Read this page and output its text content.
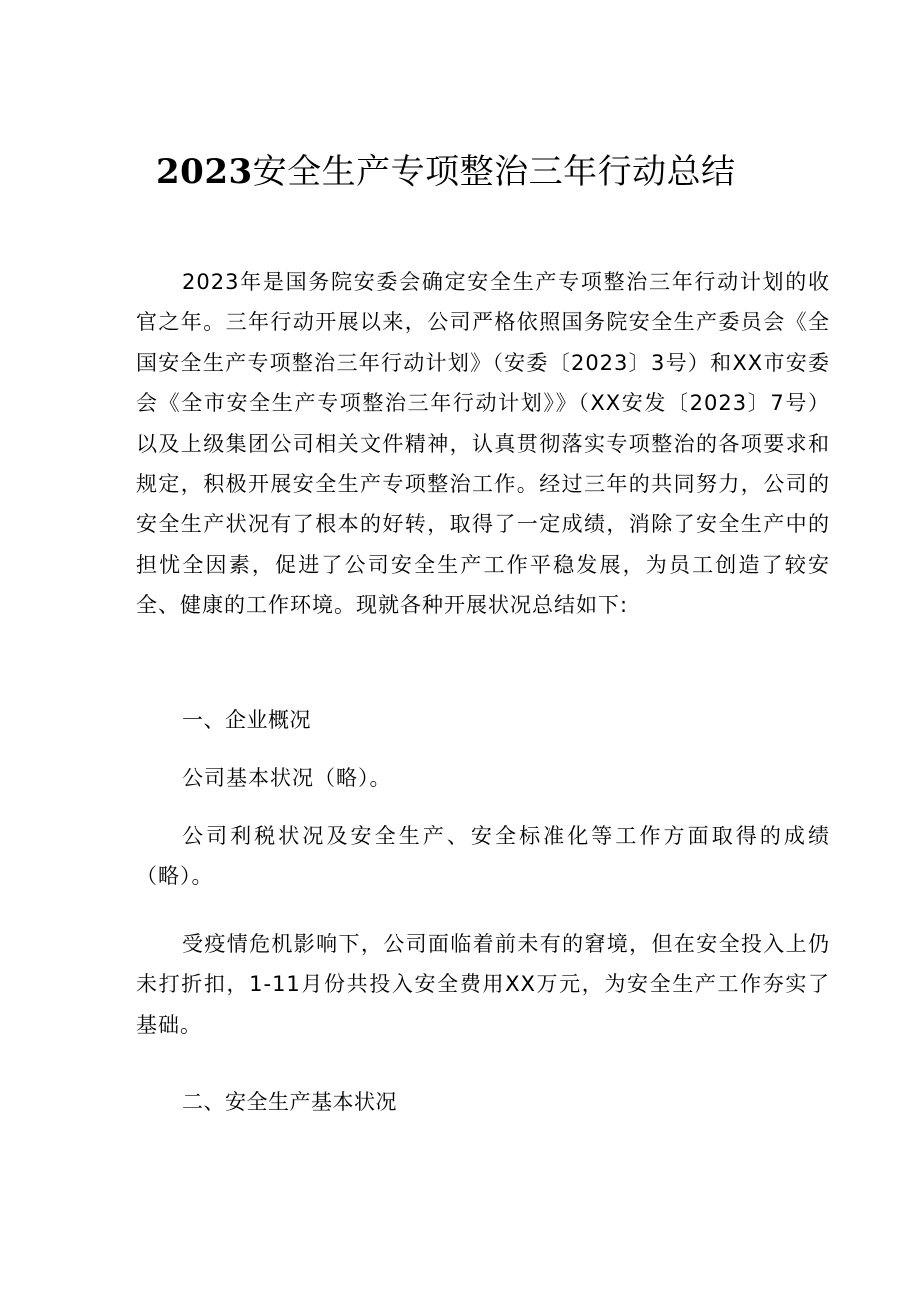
2023安全生产专项整治三年行动总结

2023年是国务院安委会确定安全生产专项整治三年行动计划的收官之年。三年行动开展以来，公司严格依照国务院安全生产委员会《全国安全生产专项整治三年行动计划》（安委〔2023〕3号）和XX市安委会《全市安全生产专项整治三年行动计划》》（XX安发〔2023〕7号）以及上级集团公司相关文件精神，认真贯彻落实专项整治的各项要求和规定，积极开展安全生产专项整治工作。经过三年的共同努力，公司的安全生产状况有了根本的好转，取得了一定成绩，消除了安全生产中的担忧全因素，促进了公司安全生产工作平稳发展，为员工创造了较安全、健康的工作环境。现就各种开展状况总结如下:

一、企业概况

公司基本状况（略）。

公司利税状况及安全生产、安全标准化等工作方面取得的成绩（略）。

受疫情危机影响下，公司面临着前未有的窘境，但在安全投入上仍未打折扣，1-11月份共投入安全费用XX万元，为安全生产工作夯实了基础。

二、安全生产基本状况
